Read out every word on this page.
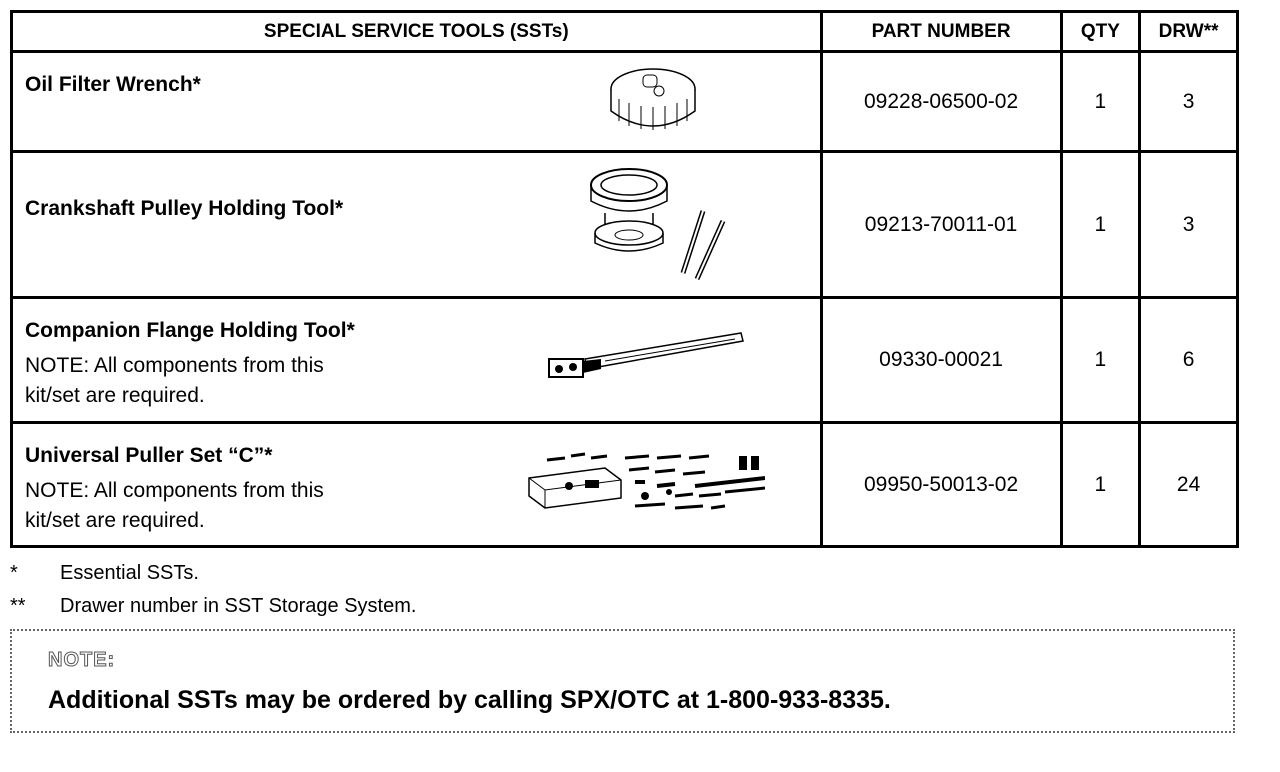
SPECIAL SERVICE TOOLS (SSTs)	PART NUMBER	QTY	DRW**

Oil Filter Wrench*	09228-06500-02	1	3

Crankshaft Pulley Holding Tool*	09213-70011-01	1	3

Companion Flange Holding Tool*
NOTE: All components from this
kit/set are required.	09330-00021	1	6

Universal Puller Set “C”*
NOTE: All components from this
kit/set are required.	09950-50013-02	1	24
* Essential SSTs.
** Drawer number in SST Storage System.
NOTE:
Additional SSTs may be ordered by calling SPX/OTC at 1-800-933-8335.
